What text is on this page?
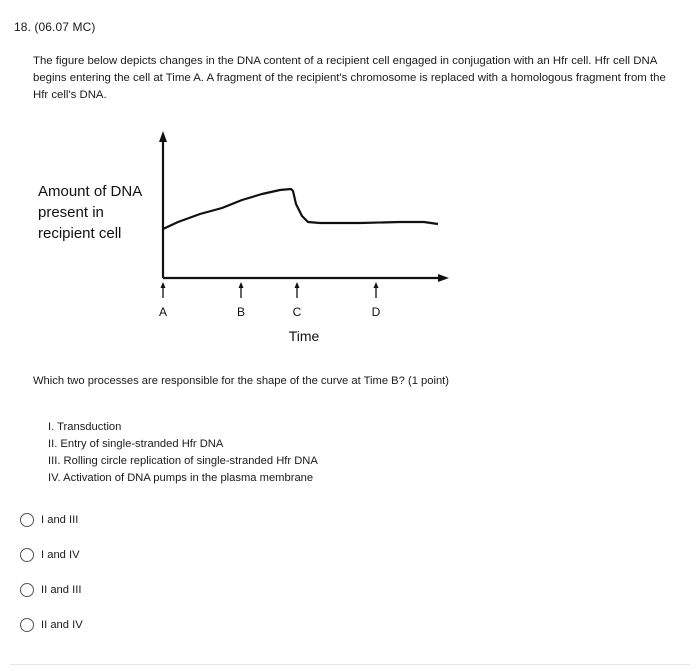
18. (06.07 MC)
The figure below depicts changes in the DNA content of a recipient cell engaged in conjugation with an Hfr cell. Hfr cell DNA begins entering the cell at Time A. A fragment of the recipient's chromosome is replaced with a homologous fragment from the Hfr cell's DNA.
Amount of DNA
present in
recipient cell
A	B	C	D
Time
Which two processes are responsible for the shape of the curve at Time B? (1 point)
I. Transduction
II. Entry of single-stranded Hfr DNA
III. Rolling circle replication of single-stranded Hfr DNA
IV. Activation of DNA pumps in the plasma membrane
I and III
I and IV
II and III
II and IV
